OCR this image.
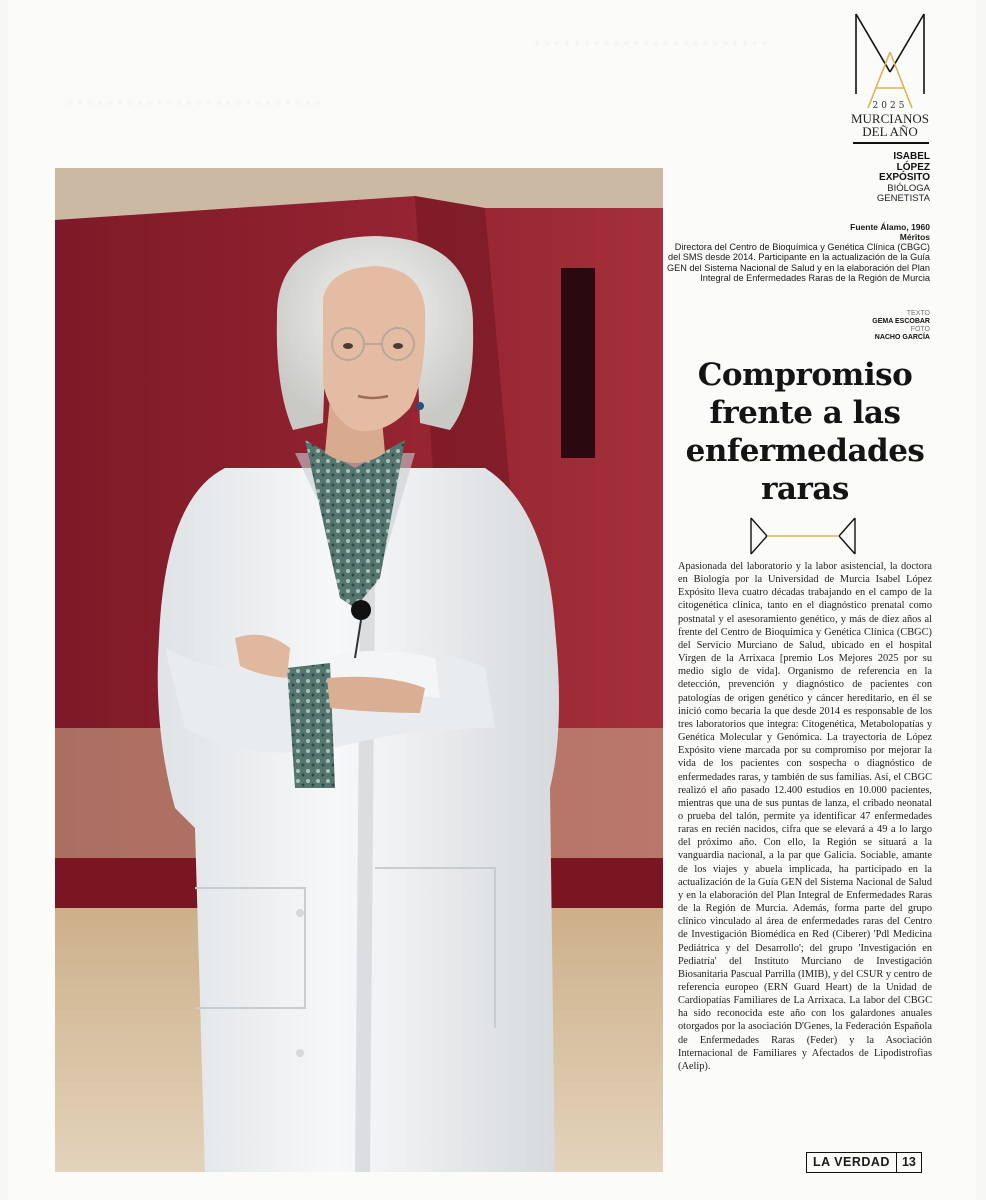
· · · · · · · · · · · · · · · · · · · · · · · ·
· · · · · · · · · · · · · · · · · · · · · · · · · ·	2025
MURCIANOS
DEL AÑO
ISABEL
LÓPEZ
EXPÓSITO
BIÓLOGA
GENETISTA
Fuente Álamo, 1960
Méritos
Directora del Centro de Bioquímica y Genética Clínica (CBGC) del SMS desde 2014. Participante en la actualización de la Guía GEN del Sistema Nacional de Salud y en la elaboración del Plan Integral de Enfermedades Raras de la Región de Murcia
TEXTO
GEMA ESCOBAR
FOTO
NACHO GARCÍA
Compromiso
frente a las
enfermedades
raras

Apasionada del laboratorio y la labor asistencial, la doctora en Biología por la Universidad de Murcia Isabel López Expósito lleva cuatro décadas trabajando en el campo de la citogenética clínica, tanto en el diagnóstico prenatal como postnatal y el asesoramiento genético, y más de diez años al frente del Centro de Bioquímica y Genética Clínica (CBGC) del Servicio Murciano de Salud, ubicado en el hospital Virgen de la Arrixaca [premio Los Mejores 2025 por su medio siglo de vida]. Organismo de referencia en la detección, prevención y diagnóstico de pacientes con patologías de origen genético y cáncer hereditario, en él se inició como becaria la que desde 2014 es responsable de los tres laboratorios que integra: Citogenética, Metabolopatías y Genética Molecular y Genómica. La trayectoria de López Expósito viene marcada por su compromiso por mejorar la vida de los pacientes con sospecha o diagnóstico de enfermedades raras, y también de sus familias. Así, el CBGC realizó el año pasado 12.400 estudios en 10.000 pacientes, mientras que una de sus puntas de lanza, el cribado neonatal o prueba del talón, permite ya identificar 47 enfermedades raras en recién nacidos, cifra que se elevará a 49 a lo largo del próximo año. Con ello, la Región se situará a la vanguardia nacional, a la par que Galicia. Sociable, amante de los viajes y abuela implicada, ha participado en la actualización de la Guía GEN del Sistema Nacional de Salud y en la elaboración del Plan Integral de Enfermedades Raras de la Región de Murcia. Además, forma parte del grupo clínico vinculado al área de enfermedades raras del Centro de Investigación Biomédica en Red (Ciberer) 'Pdl Medicina Pediátrica y del Desarrollo'; del grupo 'Investigación en Pediatría' del Instituto Murciano de Investigación Biosanitaria Pascual Parrilla (IMIB), y del CSUR y centro de referencia europeo (ERN Guard Heart) de la Unidad de Cardiopatías Familiares de La Arrixaca. La labor del CBGC ha sido reconocida este año con los galardones anuales otorgados por la asociación D'Genes, la Federación Española de Enfermedades Raras (Feder) y la Asociación Internacional de Familiares y Afectados de Lipodistrofias (Aelip).

LA VERDAD 13
